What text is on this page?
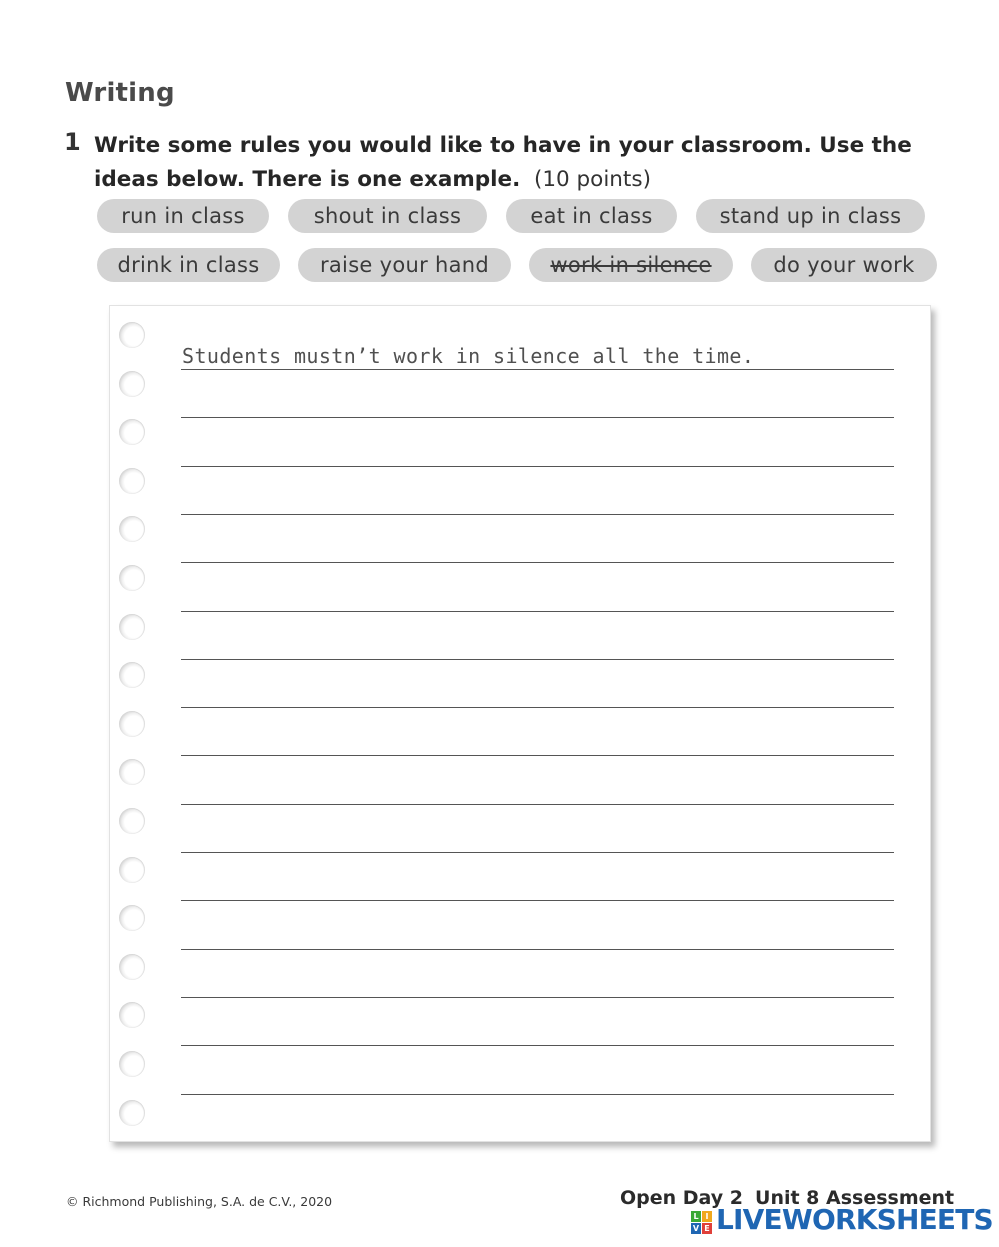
Writing
1 Write some rules you would like to have in your classroom. Use the ideas below. There is one example. (10 points)
run in class	shout in class	eat in class	stand up in class
drink in class	raise your hand	work in silence	do your work
Students mustn’t work in silence all the time.
© Richmond Publishing, S.A. de C.V., 2020	Open Day 2 Unit 8 Assessment
L I
V E LIVEWORKSHEETS
